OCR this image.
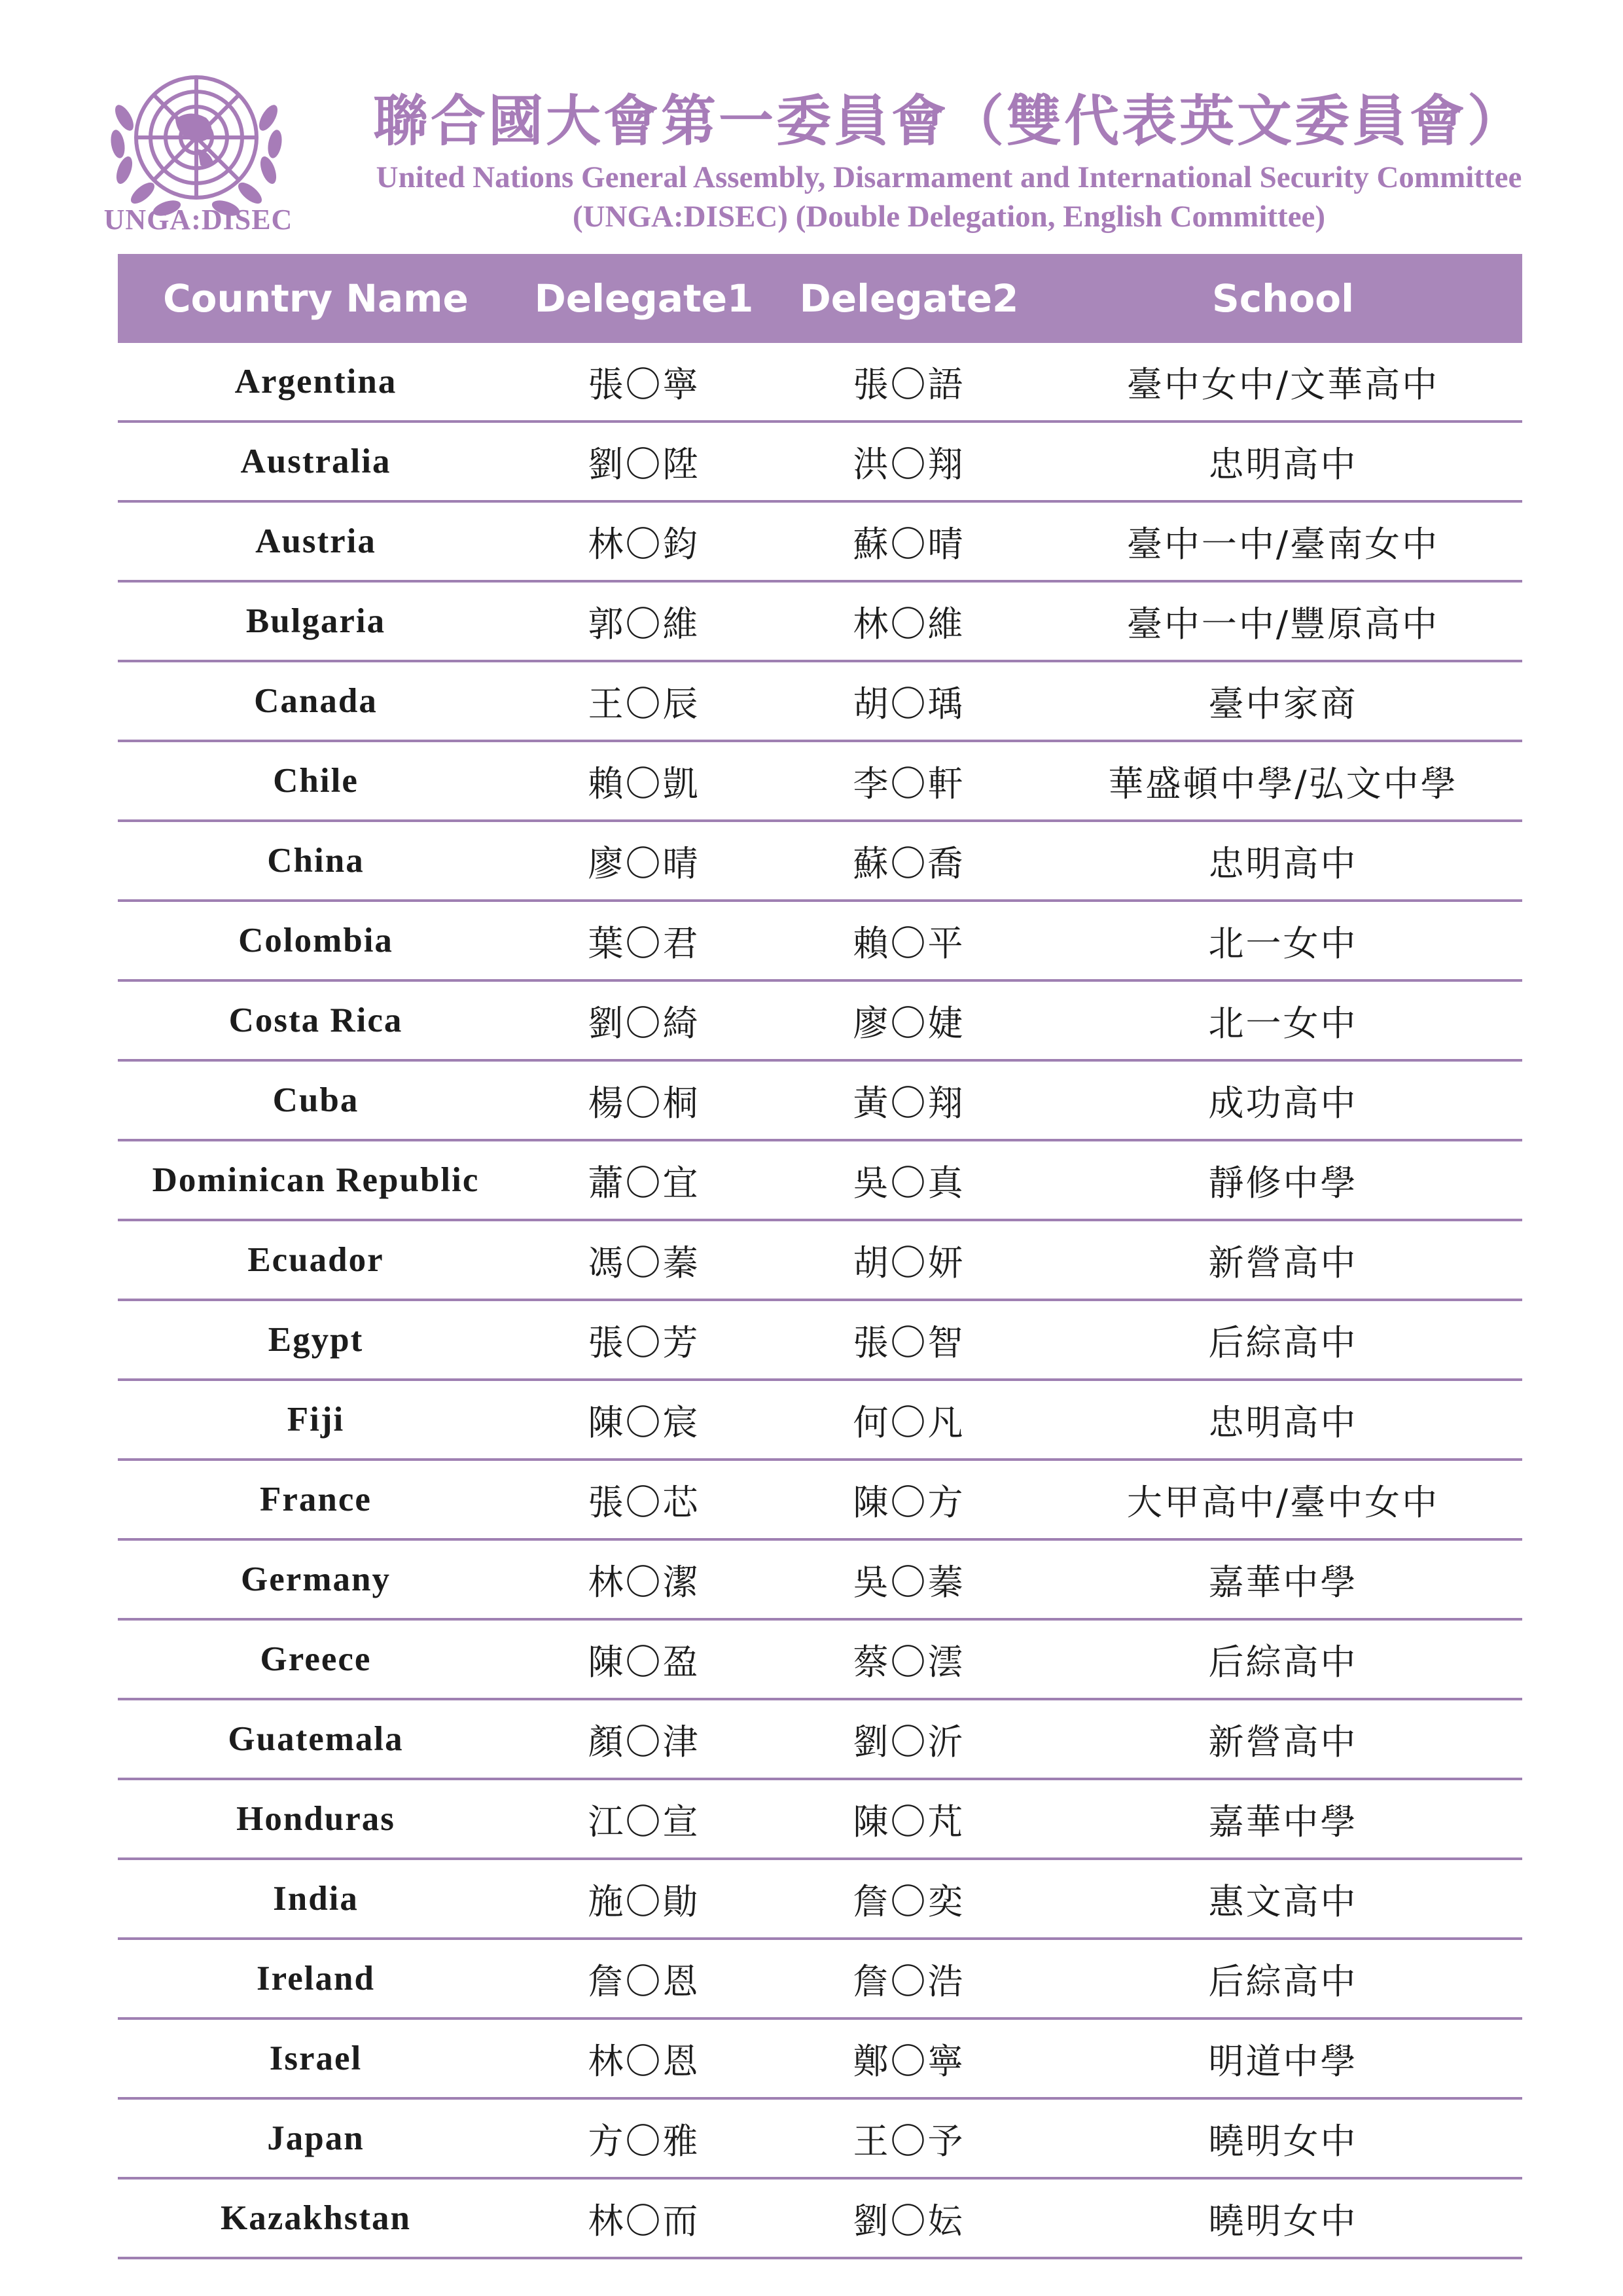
UNGA:DISEC
聯合國大會第一委員會（雙代表英文委員會）
United Nations General Assembly, Disarmament and International Security Committee
(UNGA:DISEC) (Double Delegation, English Committee)
Country Name	Delegate1	Delegate2	School
Argentina	張〇寧	張〇語	臺中女中/文華高中
Australia	劉〇陞	洪〇翔	忠明高中
Austria	林〇鈞	蘇〇晴	臺中一中/臺南女中
Bulgaria	郭〇維	林〇維	臺中一中/豐原高中
Canada	王〇辰	胡〇瑀	臺中家商
Chile	賴〇凱	李〇軒	華盛頓中學/弘文中學
China	廖〇晴	蘇〇喬	忠明高中
Colombia	葉〇君	賴〇平	北一女中
Costa Rica	劉〇綺	廖〇婕	北一女中
Cuba	楊〇桐	黃〇翔	成功高中
Dominican Republic	蕭〇宜	吳〇真	靜修中學
Ecuador	馮〇蓁	胡〇妍	新營高中
Egypt	張〇芳	張〇智	后綜高中
Fiji	陳〇宸	何〇凡	忠明高中
France	張〇芯	陳〇方	大甲高中/臺中女中
Germany	林〇潔	吳〇蓁	嘉華中學
Greece	陳〇盈	蔡〇澐	后綜高中
Guatemala	顏〇津	劉〇沂	新營高中
Honduras	江〇宣	陳〇芃	嘉華中學
India	施〇勛	詹〇奕	惠文高中
Ireland	詹〇恩	詹〇浩	后綜高中
Israel	林〇恩	鄭〇寧	明道中學
Japan	方〇雅	王〇予	曉明女中
Kazakhstan	林〇而	劉〇妘	曉明女中
